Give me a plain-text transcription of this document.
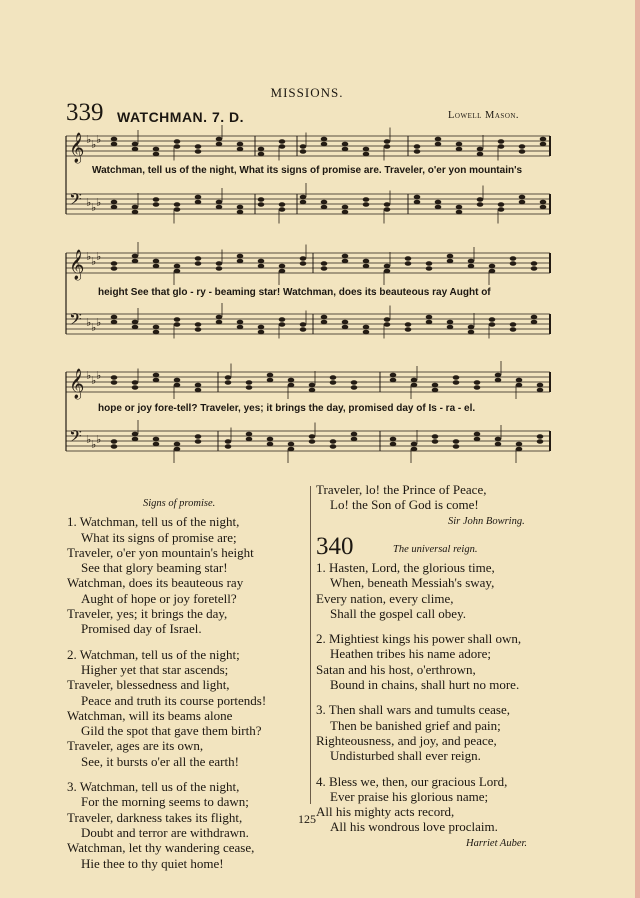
MISSIONS.
339 WATCHMAN. 7. D.	Lowell Mason.
𝄞 ♭ ♭ ♭
𝄢 ♭ ♭ ♭
𝄞 ♭ ♭ ♭
𝄢 ♭ ♭ ♭
𝄞 ♭ ♭ ♭
𝄢 ♭ ♭ ♭
Watchman, tell us of the night, What its signs of promise are. Traveler, o'er yon mountain's
height See that glo - ry - beaming star! Watchman, does its beauteous ray Aught of
hope or joy fore-tell? Traveler, yes; it brings the day, promised day of Is - ra - el.
Signs of promise.
1. Watchman, tell us of the night,
What its signs of promise are;
Traveler, o'er yon mountain's height
See that glory beaming star!
Watchman, does its beauteous ray
Aught of hope or joy foretell?
Traveler, yes; it brings the day,
Promised day of Israel.
2. Watchman, tell us of the night;
Higher yet that star ascends;
Traveler, blessedness and light,
Peace and truth its course portends!
Watchman, will its beams alone
Gild the spot that gave them birth?
Traveler, ages are its own,
See, it bursts o'er all the earth!
3. Watchman, tell us of the night,
For the morning seems to dawn;
Traveler, darkness takes its flight,
Doubt and terror are withdrawn.
Watchman, let thy wandering cease,
Hie thee to thy quiet home!
Traveler, lo! the Prince of Peace,
Lo! the Son of God is come!
Sir John Bowring.
340	The universal reign.
1. Hasten, Lord, the glorious time,
When, beneath Messiah's sway,
Every nation, every clime,
Shall the gospel call obey.
2. Mightiest kings his power shall own,
Heathen tribes his name adore;
Satan and his host, o'erthrown,
Bound in chains, shall hurt no more.
3. Then shall wars and tumults cease,
Then be banished grief and pain;
Righteousness, and joy, and peace,
Undisturbed shall ever reign.
4. Bless we, then, our gracious Lord,
Ever praise his glorious name;
All his mighty acts record,
All his wondrous love proclaim.
Harriet Auber.
125
